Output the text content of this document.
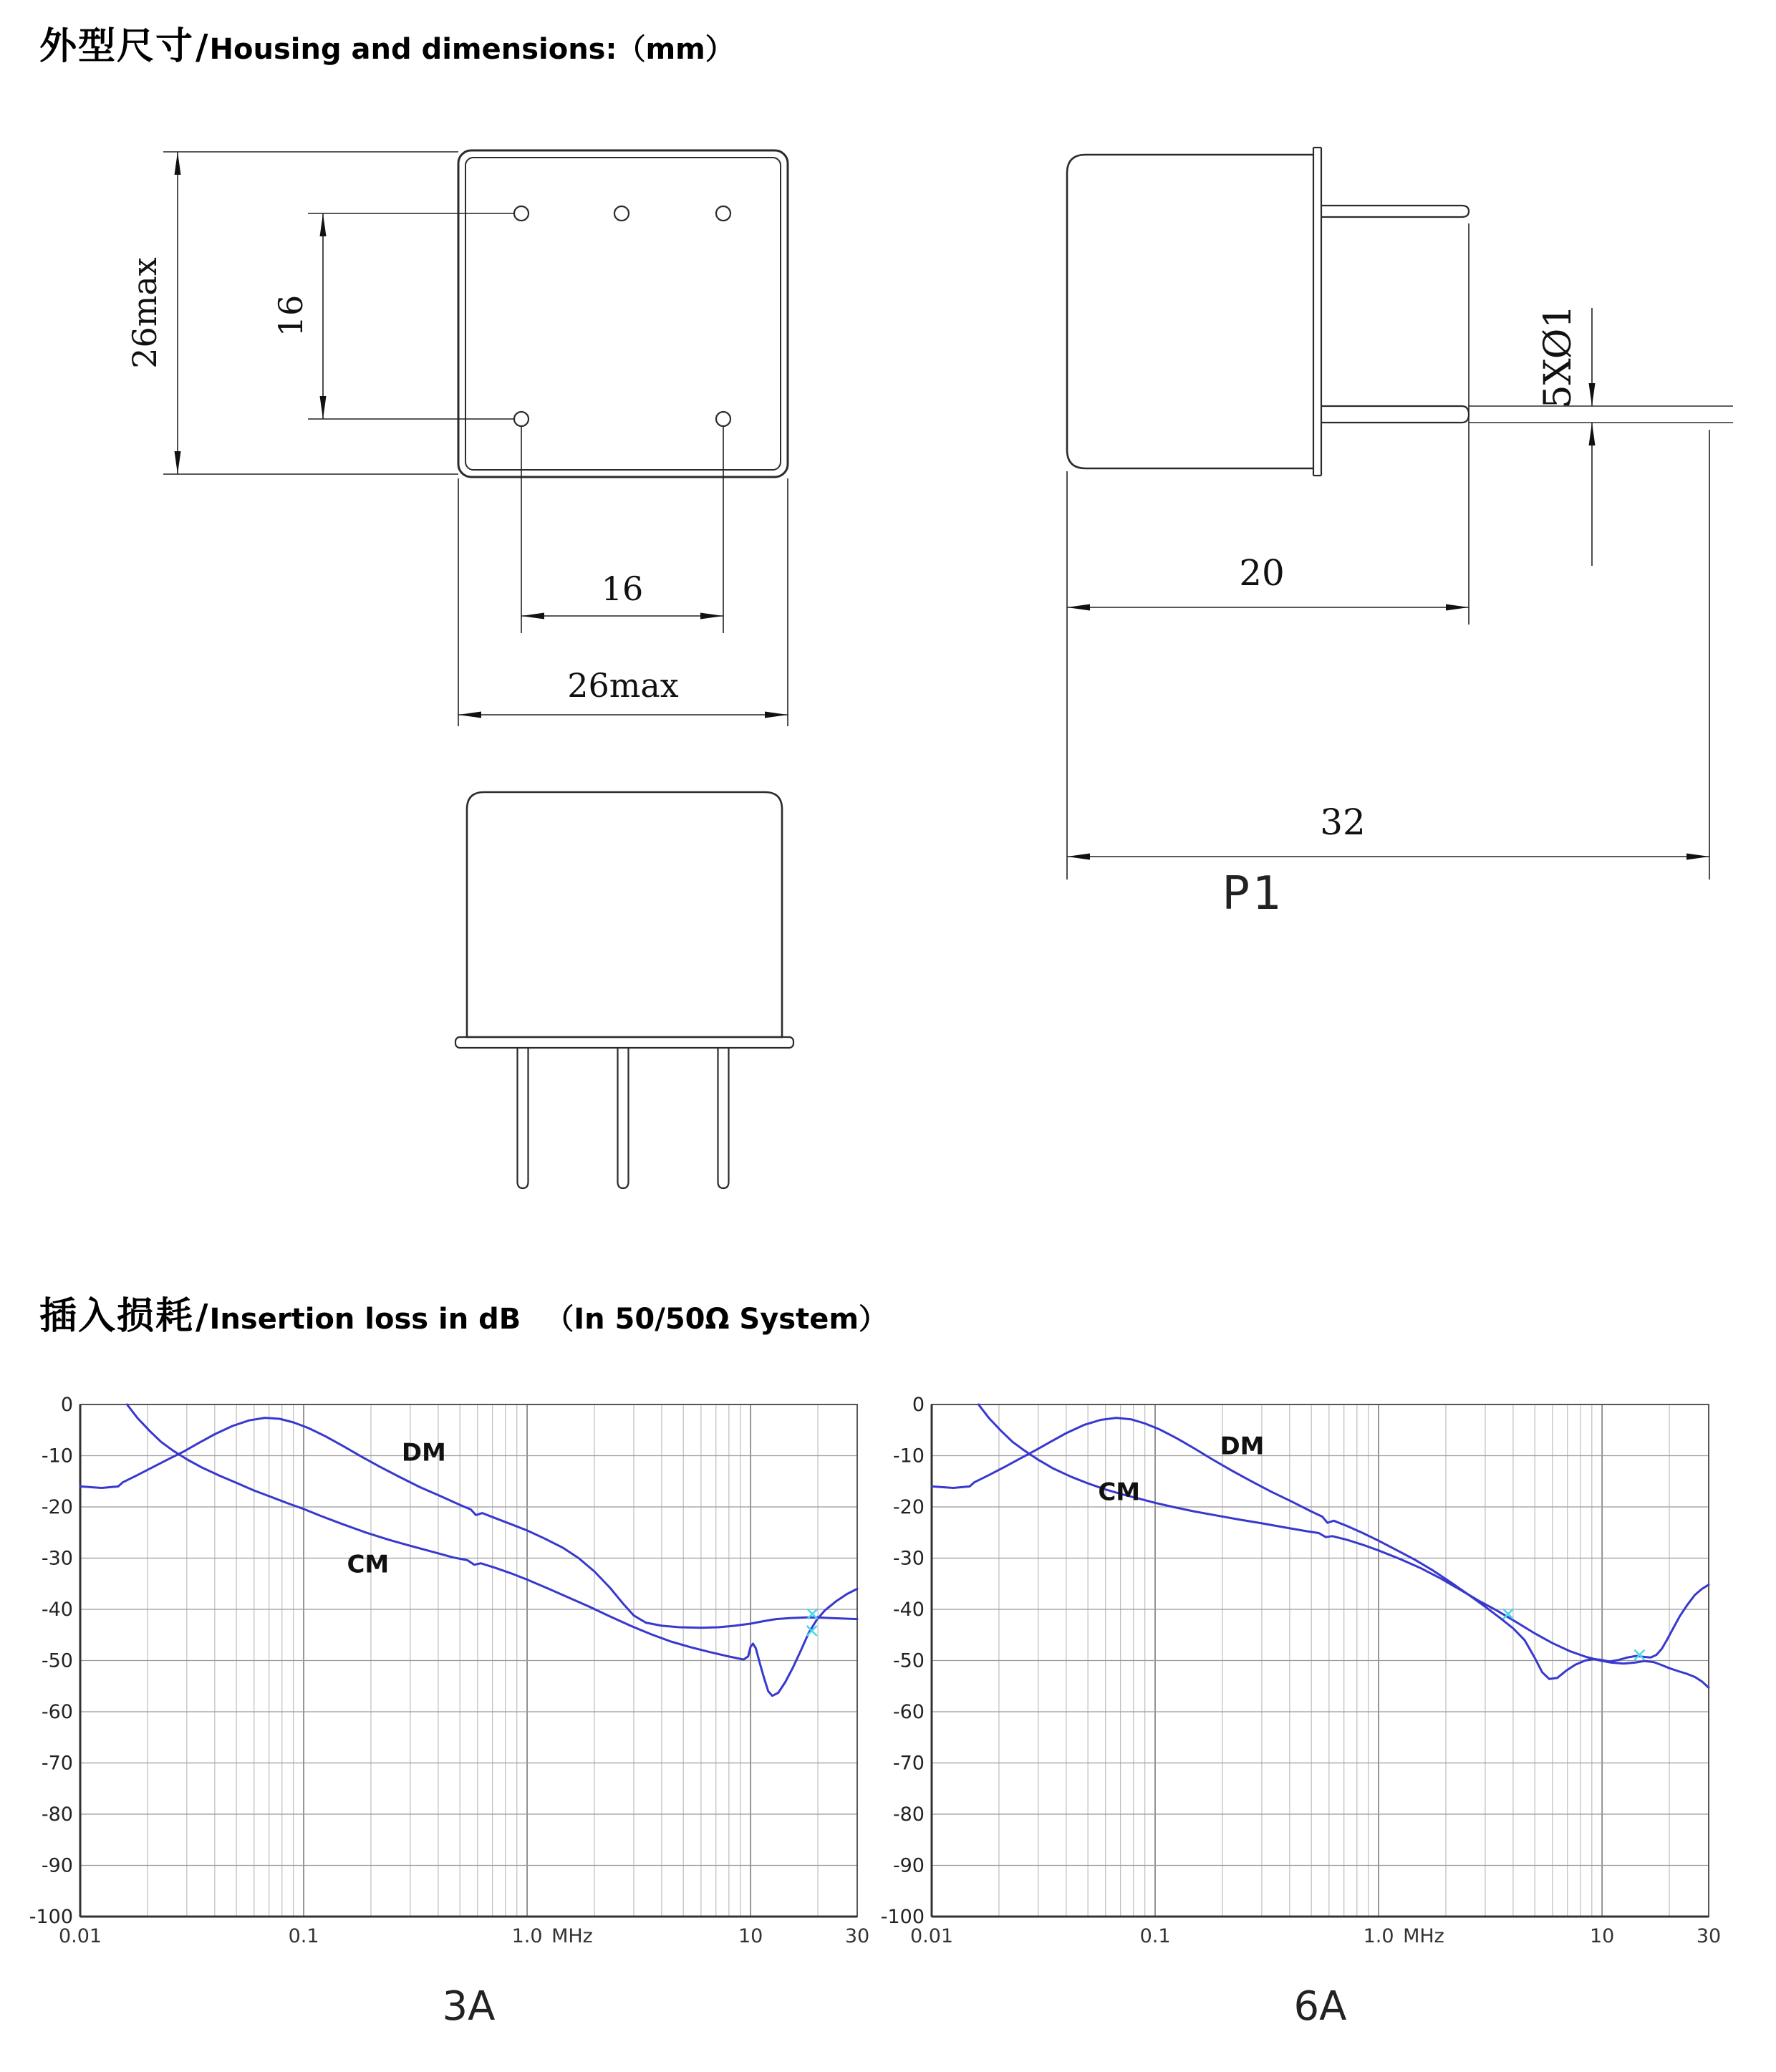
外型尺寸 / Housing and dimensions:（mm）
26max	16
16
26max
5XØ1
20
32
P1
插入损耗 / Insertion loss in dB （In 50/50Ω System）
0
-10
-20
-30
-40
-50
-60
-70
-80
-90
-100
0.01	0.1	1.0 MHz	10	30
DM
CM
3A
0
-10
-20
-30
-40
-50
-60
-70
-80
-90
-100
0.01	0.1	1.0 MHz	10	30
DM
CM
6A
